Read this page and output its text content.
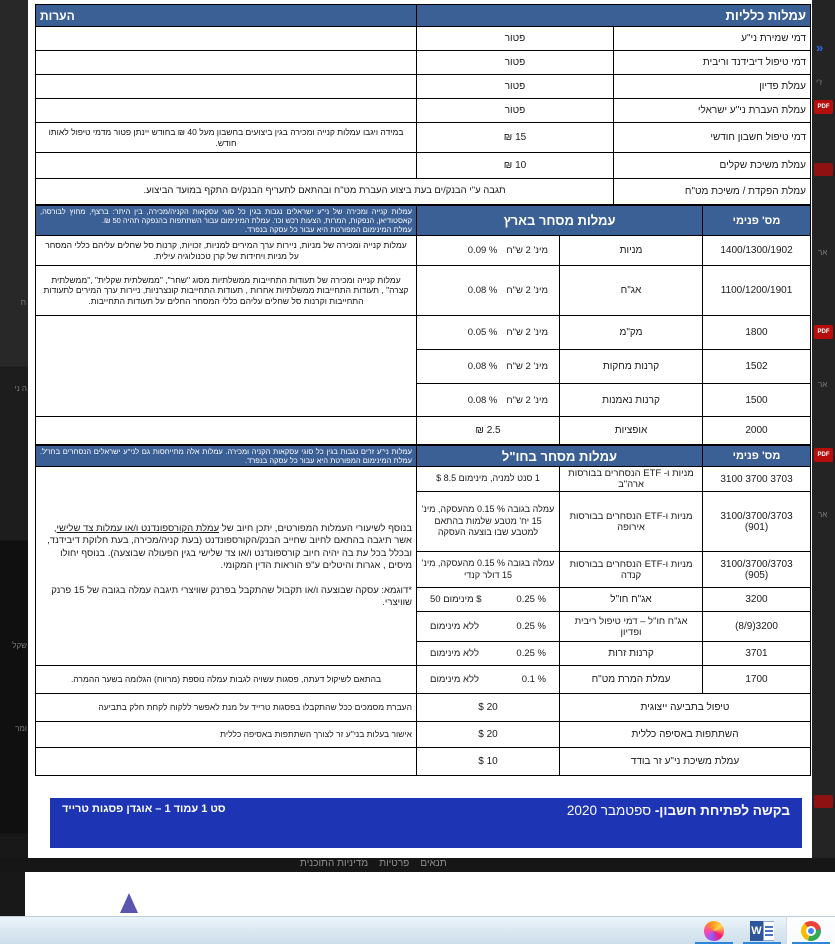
ח
ה ני
שקל
ומר
»
ז'י
PDF
אר
PDF
אר
PDF
אר
עמלות כלליות		הערות
דמי שמירת ני"ע	פטור	
דמי טיפול דיבידנד וריבית	פטור	
עמלת פדיון	פטור	
עמלת העברת ני"ע ישראלי	פטור	
דמי טיפול חשבון חודשי	15 ₪	במידה ויגבו עמלות קנייה ומכירה בגין ביצועים בחשבון מעל 40 ₪ בחודש יינתן פטור מדמי טיפול לאותו חודש.
עמלת משיכת שקלים	10 ₪	
עמלת הפקדת / משיכת מט"ח	תגבה ע"י הבנק/ים בעת ביצוע העברת מט"ח ובהתאם לתעריף הבנק/ים התקף במועד הביצוע.	
מס' פנימי	עמלות מסחר בארץ		עמלות קנייה ומכירה של ני"ע ישראלים נגבות בגין כל סוגי עסקאות הקניה/מכירה, בין היתר: ברצף, מחוץ לבורסה, קאסטודיאן, הנפקות, המרות, הצעות רכש וכו'. עמלת המינימום עבור השתתפות בהנפקה תהיה 50 ₪.
עמלת המינימום המפורטת היא עבור כל עסקה בנפרד.

1400/1300/1902	מניות	0.09 % מינ' 2 ש"ח	עמלות קנייה ומכירה של מניות, ניירות ערך המירים למניות, זכויות, קרנות סל שחלים עליהם כללי המסחר על מניות ויחידות של קרן טכנולוגיה עילית.
1100/1200/1901	אג"ח	0.08 % מינ' 2 ש"ח	עמלות קנייה ומכירה של תעודות התחייבות ממשלתיות מסוג "שחר", "ממשלתית שקלית" ,"ממשלתית קצרה" , תעודות התחייבות ממשלתיות אחרות , תעודות התחייבות קונצרניות, ניירות ערך המירים לתעודות התחייבות וקרנות סל שחלים עליהם כללי המסחר החלים על תעודות התחייבות.
1800	מק"מ	0.05 % מינ' 2 ש"ח	

1502	קרנות מחקות	0.08 % מינ' 2 ש"ח	

1500	קרנות נאמנות	0.08 % מינ' 2 ש"ח	

2000	אופציות	2.5 ₪	
מס' פנימי	עמלות מסחר בחו"ל		עמלות ני"ע זרים נגבות בגין כל סוגי עסקאות הקניה ומכירה. עמלות אלה מתייחסות גם לני"ע ישראלים הנסחרים בחו"ל. עמלת המינימום המפורטת היא עבור כל עסקה בנפרד.
3100 3700 3703	מניות ו- ETF הנסחרים בבורסות ארה"ב	1 סנט למניה, מינימום $ 8.5	בנוסף לשיעורי העמלות המפורטים, יתכן חיוב של עמלת הקורספונדנט ו/או עמלות צד שלישי, אשר תיגבה בהתאם לחיוב שחייב הבנק/הקורספונדנט (בעת קניה/מכירה, בעת חלוקת דיבידנד, ובכלל בכל עת בה יהיה חיוב קורספונדנט ו/או צד שלישי בגין הפעולה שבוצעה). בנוסף יחולו מיסים , אגרות והיטלים ע"פ הוראות הדין המקומי.
*דוגמא: עסקה שבוצעה ו/או תקבול שהתקבל בפרנק שוויצרי תיגבה עמלה בגובה של 15 פרנק שוויצרי.

3100/3700/3703
(901)	מניות ו-ETF הנסחרים בבורסות אירופה	עמלה בגובה 0.15 % מהעסקה, מינ' 15 יח' מטבע שלמות בהתאם למטבע שבו בוצעה העסקה	
3100/3700/3703
(905)	מניות ו-ETF הנסחרים בבורסות קנדה	עמלה בגובה 0.15 % מהעסקה, מינ' 15 דולר קנדי	
3200	אג"ח חו"ל	מינימום 50 $ 0.25 %	

(8/9)3200	אג"ח חו"ל – דמי טיפול ריבית ופדיון	ללא מינימום 0.25 %	

3701	קרנות זרות	ללא מינימום 0.25 %	

1700	עמלת המרת מט"ח	ללא מינימום 0.1 %	בהתאם לשיקול דעתה, פסגות עשויה לגבות עמלה נוספת (מרווח) הגלומה בשער ההמרה.
טיפול בתביעה ייצוגית		20 $	העברת מסמכים ככל שהתקבלו בפסגות טרייד על מנת לאפשר ללקוח לקחת חלק בתביעה
השתתפות באסיפה כללית		20 $	אישור בעלות בני"ע זר לצורך השתתפות באסיפה כללית
עמלת משיכת ני"ע זר בודד		10 $	
בקשה לפתיחת חשבון- ספטמבר 2020
סט 1 עמוד 1 – אוגדן פסגות טרייד
תנאים    פרטיות    מדיניות התוכנית
W
